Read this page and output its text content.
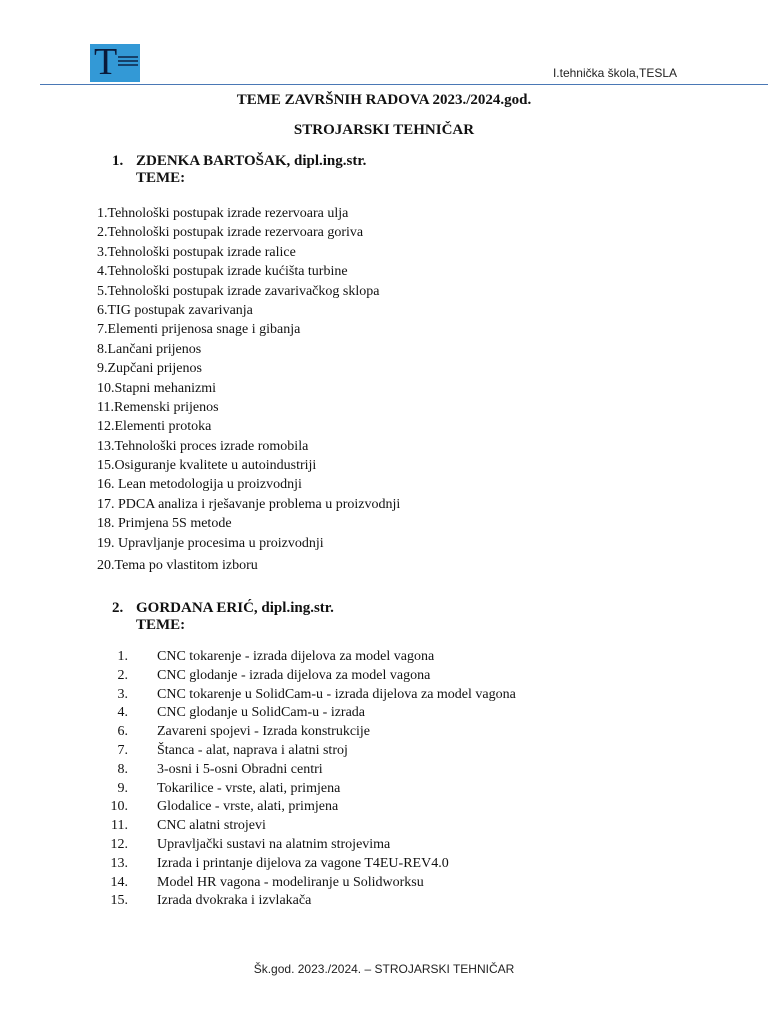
T	I.tehnička škola,TESLA
TEME ZAVRŠNIH RADOVA 2023./2024.god.
STROJARSKI TEHNIČAR
1. ZDENKA BARTOŠAK, dipl.ing.str.
TEME:
1.Tehnološki postupak izrade rezervoara ulja
2.Tehnološki postupak izrade rezervoara goriva
3.Tehnološki postupak izrade ralice
4.Tehnološki postupak izrade kućišta turbine
5.Tehnološki postupak izrade zavarivačkog sklopa
6.TIG postupak zavarivanja
7.Elementi prijenosa snage i gibanja
8.Lančani prijenos
9.Zupčani prijenos
10.Stapni mehanizmi
11.Remenski prijenos
12.Elementi protoka
13.Tehnološki proces izrade romobila
15.Osiguranje kvalitete u autoindustriji
16. Lean metodologija u proizvodnji
17. PDCA analiza i rješavanje problema u proizvodnji
18. Primjena 5S metode
19. Upravljanje procesima u proizvodnji
20.Tema po vlastitom izboru
2. GORDANA ERIĆ, dipl.ing.str.
TEME:
1. CNC tokarenje - izrada dijelova za model vagona
2. CNC glodanje - izrada dijelova za model vagona
3. CNC tokarenje u SolidCam-u - izrada dijelova za model vagona
4. CNC glodanje u SolidCam-u - izrada
6. Zavareni spojevi - Izrada konstrukcije
7. Štanca - alat, naprava i alatni stroj
8. 3-osni i 5-osni Obradni centri
9. Tokarilice - vrste, alati, primjena
10. Glodalice - vrste, alati, primjena
11. CNC alatni strojevi
12. Upravljački sustavi na alatnim strojevima
13. Izrada i printanje dijelova za vagone T4EU-REV4.0
14. Model HR vagona - modeliranje u Solidworksu
15. Izrada dvokraka i izvlakača
Šk.god. 2023./2024. – STROJARSKI TEHNIČAR
